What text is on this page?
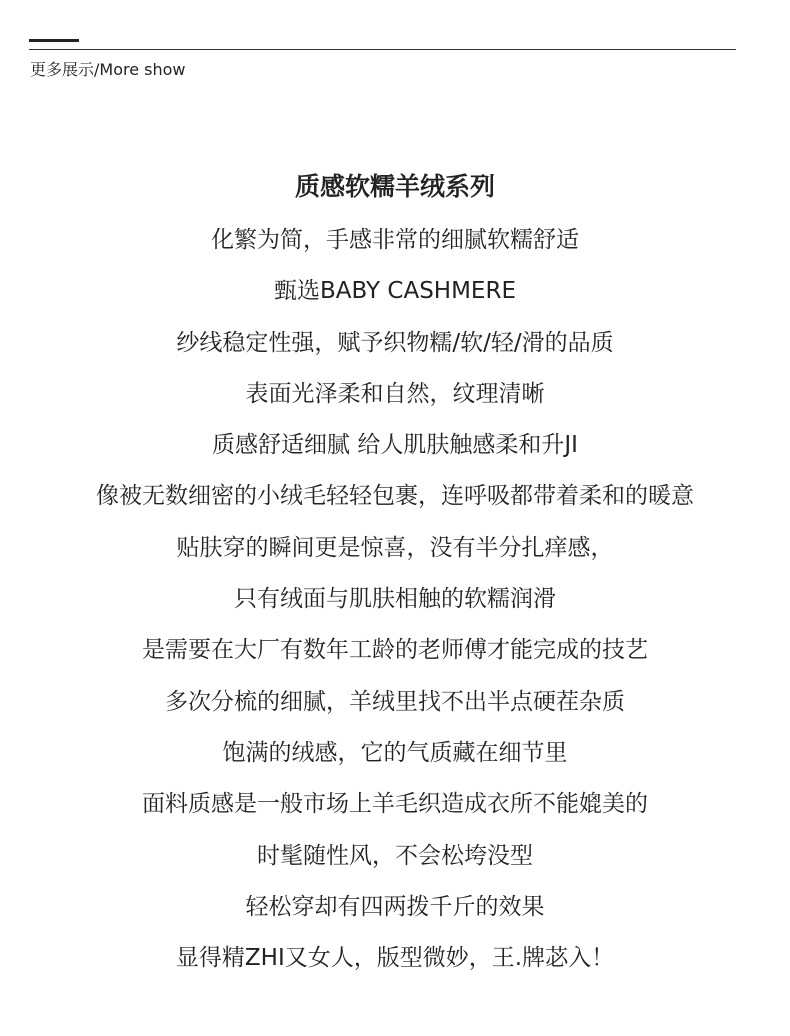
更多展示/More show
质感软糯羊绒系列
化繁为简，手感非常的细腻软糯舒适
甄选BABY CASHMERE
纱线稳定性强，赋予织物糯/软/轻/滑的品质
表面光泽柔和自然，纹理清晰
质感舒适细腻 给人肌肤触感柔和升JI
像被无数细密的小绒毛轻轻包裹，连呼吸都带着柔和的暖意
贴肤穿的瞬间更是惊喜，没有半分扎痒感，
只有绒面与肌肤相触的软糯润滑
是需要在大厂有数年工龄的老师傅才能完成的技艺
多次分梳的细腻，羊绒里找不出半点硬茬杂质
饱满的绒感，它的气质藏在细节里
面料质感是一般市场上羊毛织造成衣所不能媲美的
时髦随性风，不会松垮没型
轻松穿却有四两拨千斤的效果
显得精ZHI又女人，版型微妙，王.牌苾入！
